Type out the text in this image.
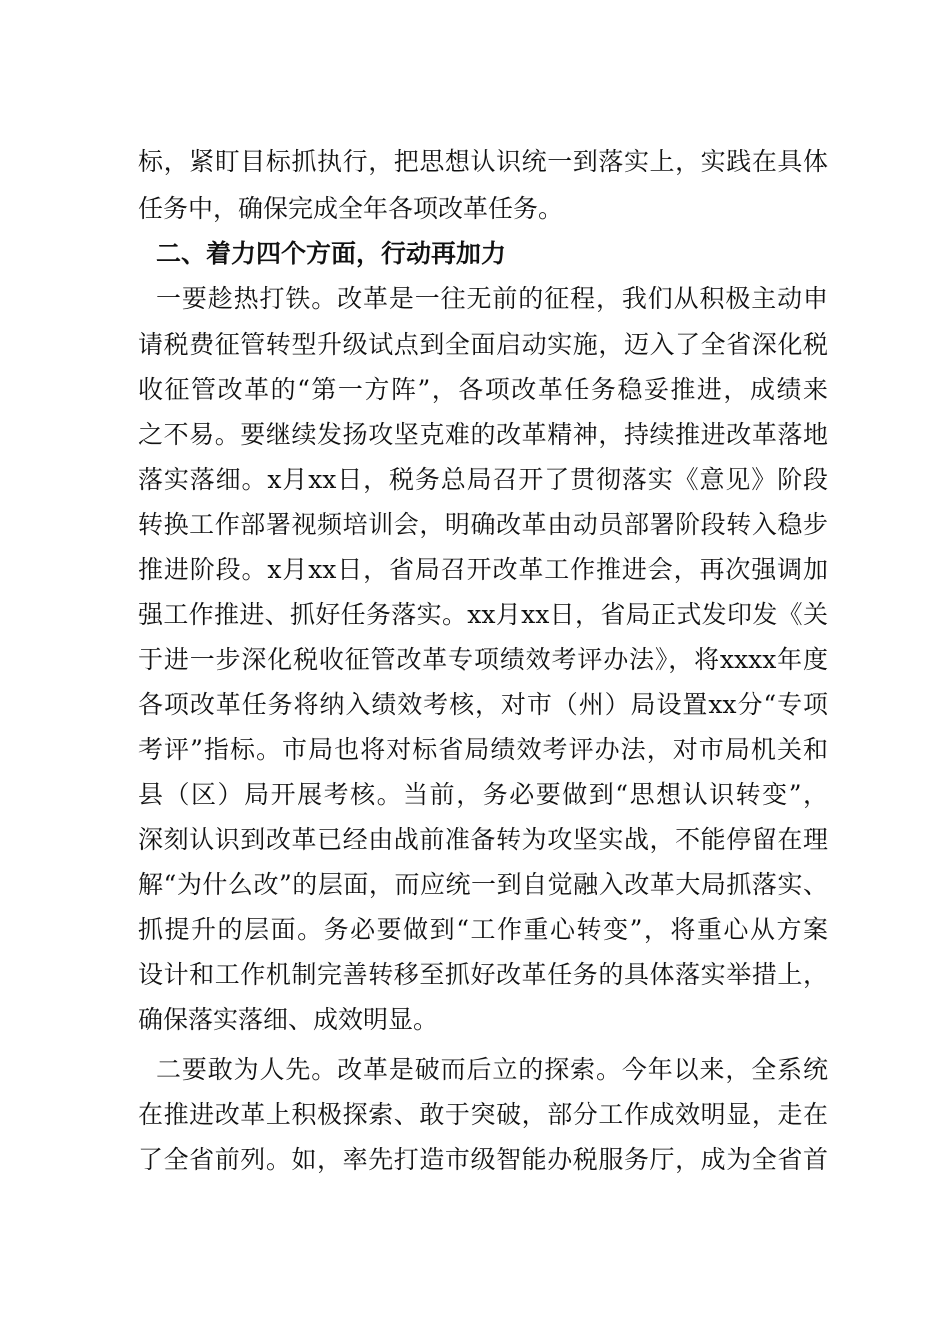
标，紧盯目标抓执行，把思想认识统一到落实上，实践在具体
任务中，确保完成全年各项改革任务。
二、着力四个方面，行动再加力
一要趁热打铁。改革是一往无前的征程，我们从积极主动申
请税费征管转型升级试点到全面启动实施，迈入了全省深化税
收征管改革的“第一方阵”，各项改革任务稳妥推进，成绩来
之不易。要继续发扬攻坚克难的改革精神，持续推进改革落地
落实落细。x月xx日，税务总局召开了贯彻落实《意见》阶段
转换工作部署视频培训会，明确改革由动员部署阶段转入稳步
推进阶段。x月xx日，省局召开改革工作推进会，再次强调加
强工作推进、抓好任务落实。xx月xx日，省局正式发印发《关
于进一步深化税收征管改革专项绩效考评办法》，将xxxx年度
各项改革任务将纳入绩效考核，对市（州）局设置xx分“专项
考评”指标。市局也将对标省局绩效考评办法，对市局机关和
县（区）局开展考核。当前，务必要做到“思想认识转变”，
深刻认识到改革已经由战前准备转为攻坚实战，不能停留在理
解“为什么改”的层面，而应统一到自觉融入改革大局抓落实、
抓提升的层面。务必要做到“工作重心转变”，将重心从方案
设计和工作机制完善转移至抓好改革任务的具体落实举措上，
确保落实落细、成效明显。
二要敢为人先。改革是破而后立的探索。今年以来，全系统
在推进改革上积极探索、敢于突破，部分工作成效明显，走在
了全省前列。如，率先打造市级智能办税服务厅，成为全省首
